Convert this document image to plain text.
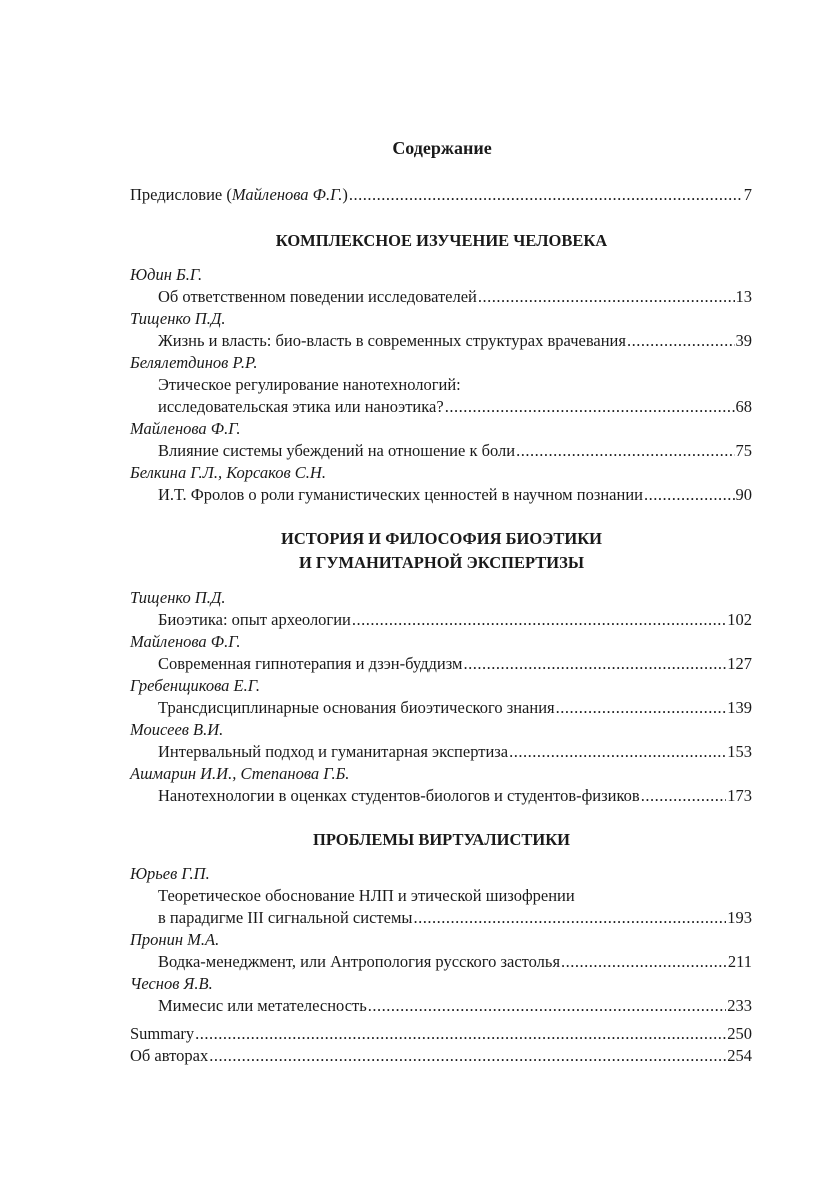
Содержание
Предисловие (Майленова Ф.Г.) .....	7
КОМПЛЕКСНОЕ ИЗУЧЕНИЕ ЧЕЛОВЕКА
Юдин Б.Г.
Об ответственном поведении исследователей .....	13
Тищенко П.Д.
Жизнь и власть: био-власть в современных структурах врачевания .....	39
Белялетдинов Р.Р.
Этическое регулирование нанотехнологий:
исследовательская этика или наноэтика? .....	68
Майленова Ф.Г.
Влияние системы убеждений на отношение к боли .....	75
Белкина Г.Л., Корсаков С.Н.
И.Т. Фролов о роли гуманистических ценностей в научном познании .....	90
ИСТОРИЯ И ФИЛОСОФИЯ БИОЭТИКИ
И ГУМАНИТАРНОЙ ЭКСПЕРТИЗЫ
Тищенко П.Д.
Биоэтика: опыт археологии .....	102
Майленова Ф.Г.
Современная гипнотерапия и дзэн-буддизм .....	127
Гребенщикова Е.Г.
Трансдисциплинарные основания биоэтического знания .....	139
Моисеев В.И.
Интервальный подход и гуманитарная экспертиза .....	153
Ашмарин И.И., Степанова Г.Б.
Нанотехнологии в оценках студентов-биологов и студентов-физиков .....	173
ПРОБЛЕМЫ ВИРТУАЛИСТИКИ
Юрьев Г.П.
Теоретическое обоснование НЛП и этической шизофрении
в парадигме III сигнальной системы .....	193
Пронин М.А.
Водка-менеджмент, или Антропология русского застолья .....	211
Чеснов Я.В.
Мимесис или метателесность .....	233
Summary .....	250
Об авторах .....	254
